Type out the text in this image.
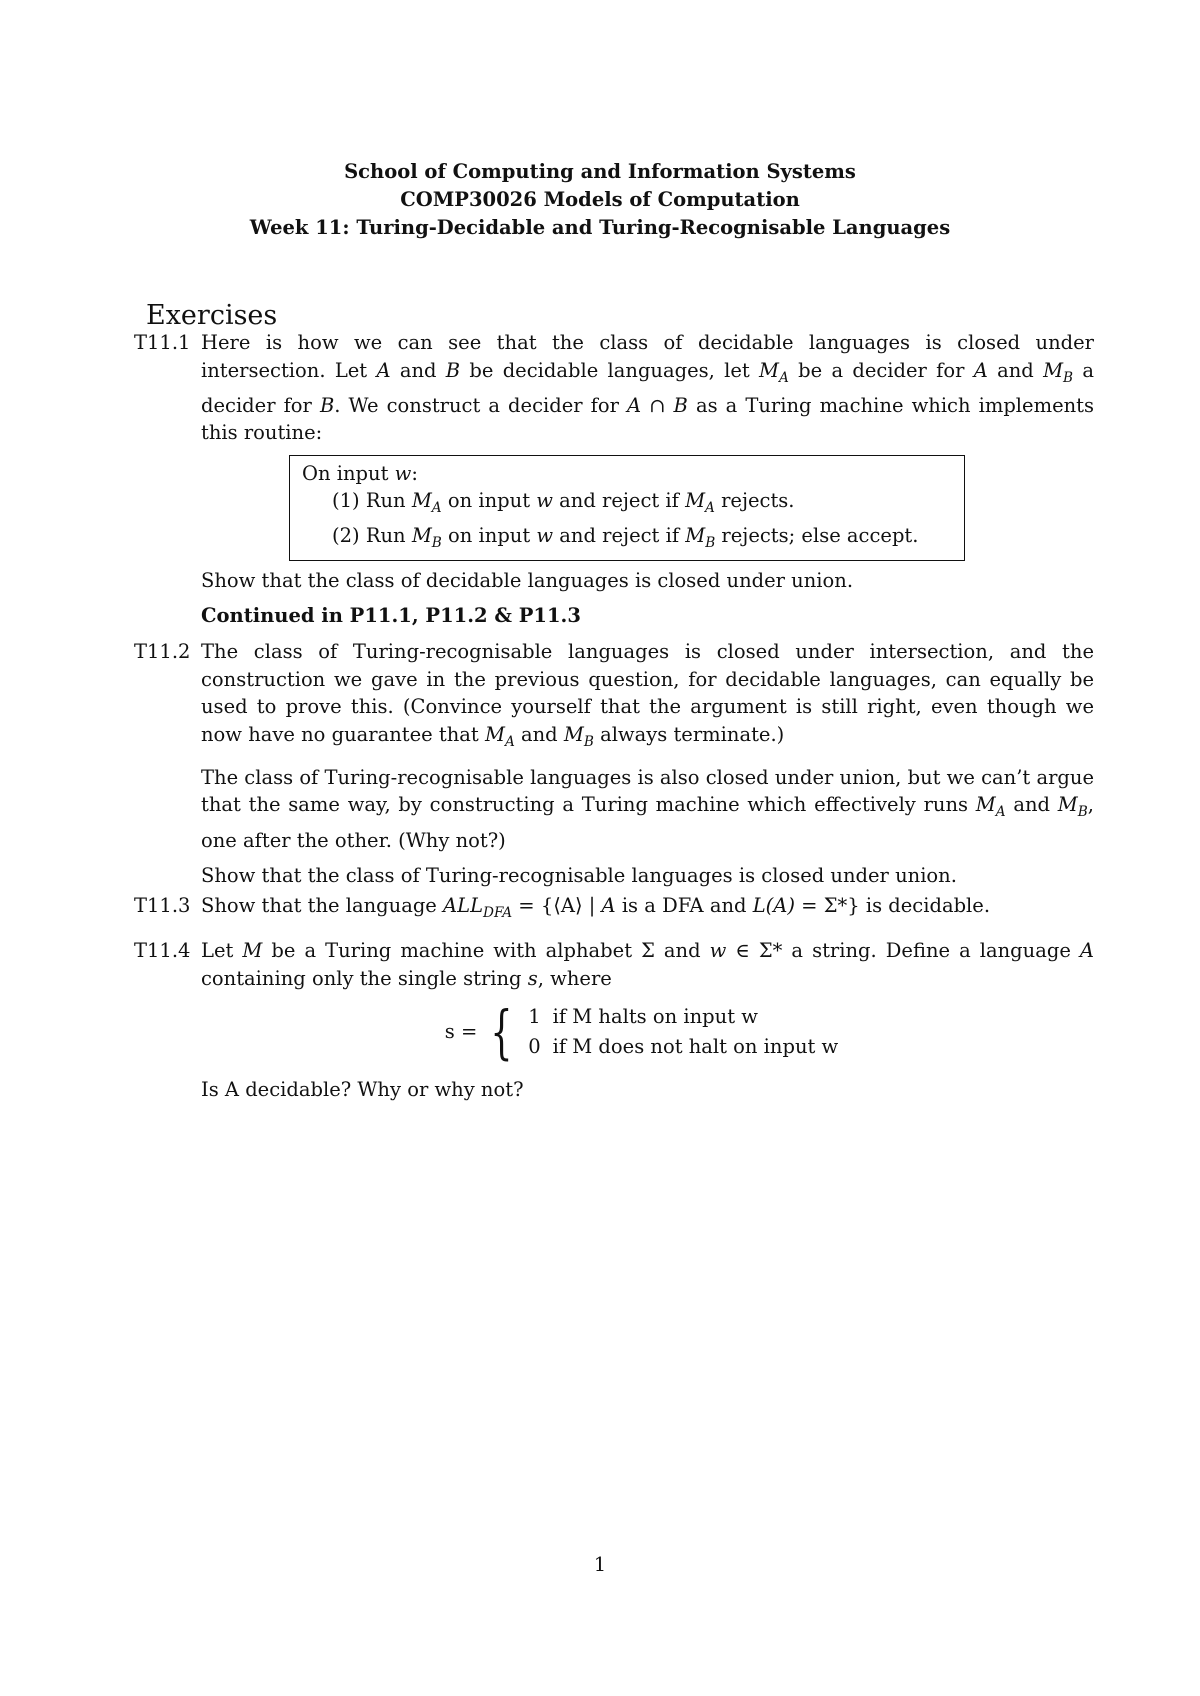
School of Computing and Information Systems
COMP30026 Models of Computation
Week 11: Turing-Decidable and Turing-Recognisable Languages
Exercises
T11.1 Here is how we can see that the class of decidable languages is closed under intersection. Let A and B be decidable languages, let $M_A$ be a decider for A and $M_B$ a decider for B. We construct a decider for A ∩ B as a Turing machine which implements this routine:

On input w:
(1) Run $M_A$ on input w and reject if $M_A$ rejects.
(2) Run $M_B$ on input w and reject if $M_B$ rejects; else accept.

Show that the class of decidable languages is closed under union.

Continued in P11.1, P11.2 & P11.3

T11.2 The class of Turing-recognisable languages is closed under intersection, and the construction we gave in the previous question, for decidable languages, can equally be used to prove this. (Convince yourself that the argument is still right, even though we now have no guarantee that $M_A$ and $M_B$ always terminate.)

The class of Turing-recognisable languages is also closed under union, but we can’t argue that the same way, by constructing a Turing machine which effectively runs $M_A$ and $M_B$, one after the other. (Why not?)

Show that the class of Turing-recognisable languages is closed under union.

T11.3 Show that the language $ALL_{DFA}$ = {⟨A⟩ | A is a DFA and L(A) = Σ*} is decidable.

T11.4 Let M be a Turing machine with alphabet Σ and w ∈ Σ* a string. Define a language A containing only the single string s, where

s = { 1	if M halts on input w
0	if M does not halt on input w

Is A decidable? Why or why not?

1
